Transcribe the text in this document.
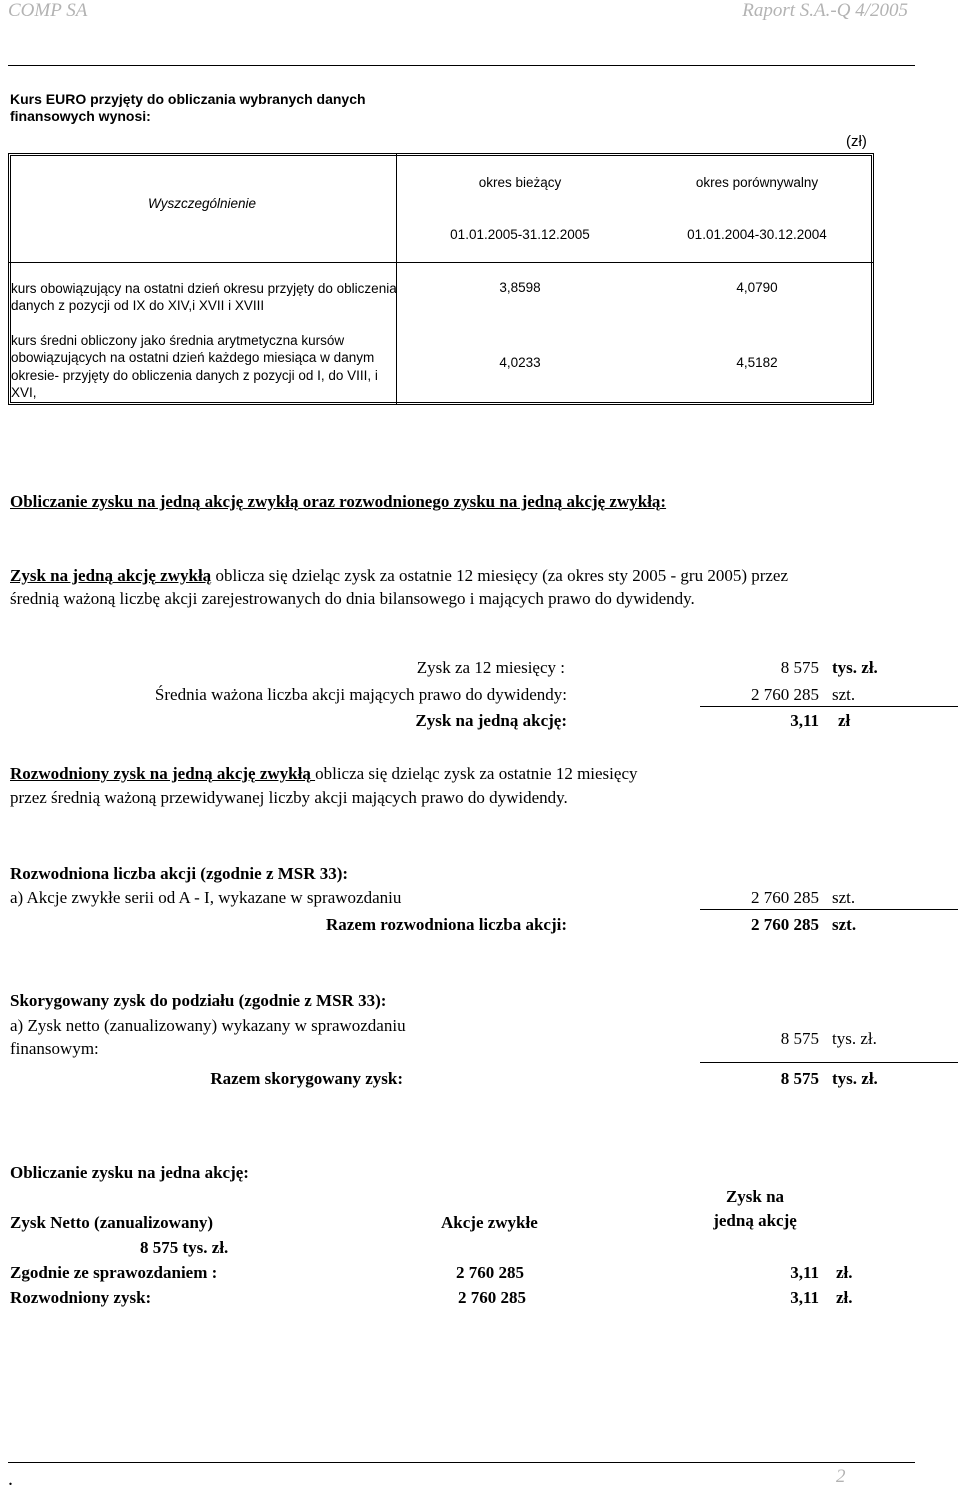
COMP SA	Raport S.A.-Q 4/2005
Kurs EURO przyjęty do obliczania wybranych danych
finansowych wynosi:
(zł)
Wyszczególnienie
okres bieżący	okres porównywalny
01.01.2005-31.12.2005	01.01.2004-30.12.2004
kurs obowiązujący na ostatni dzień okresu przyjęty do obliczenia
danych z pozycji od IX do XIV,i XVII i XVIII
3,8598	4,0790
kurs średni obliczony jako średnia arytmetyczna kursów
obowiązujących na ostatni dzień każdego miesiąca w danym
okresie- przyjęty do obliczenia danych z pozycji od I, do VIII, i
XVI,
4,0233	4,5182
Obliczanie zysku na jedną akcję zwykłą oraz rozwodnionego zysku na jedną akcję zwykłą:
Zysk na jedną akcję zwykłą oblicza się dzieląc zysk za ostatnie 12 miesięcy (za okres sty 2005 - gru 2005) przez
średnią ważoną liczbę akcji zarejestrowanych do dnia bilansowego i mających prawo do dywidendy.
Zysk za 12 miesięcy :	8 575 tys. zł.
Średnia ważona liczba akcji mających prawo do dywidendy:	2 760 285 szt.
Zysk na jedną akcję:	3,11 zł
Rozwodniony zysk na jedną akcję zwykłą oblicza się dzieląc zysk za ostatnie 12 miesięcy
przez średnią ważoną przewidywanej liczby akcji mających prawo do dywidendy.
Rozwodniona liczba akcji (zgodnie z MSR 33):
a) Akcje zwykłe serii od A - I, wykazane w sprawozdaniu	2 760 285 szt.
Razem rozwodniona liczba akcji:	2 760 285 szt.
Skorygowany zysk do podziału (zgodnie z MSR 33):
a) Zysk netto (zanualizowany) wykazany w sprawozdaniu
finansowym:
8 575 tys. zł.
Razem skorygowany zysk:	8 575 tys. zł.
Obliczanie zysku na jedna akcję:
Zysk na
jedną akcję
Zysk Netto (zanualizowany)	Akcje zwykłe
8 575 tys. zł.
Zgodnie ze sprawozdaniem :	2 760 285	3,11 zł.
Rozwodniony zysk:	2 760 285	3,11 zł.
.	2
